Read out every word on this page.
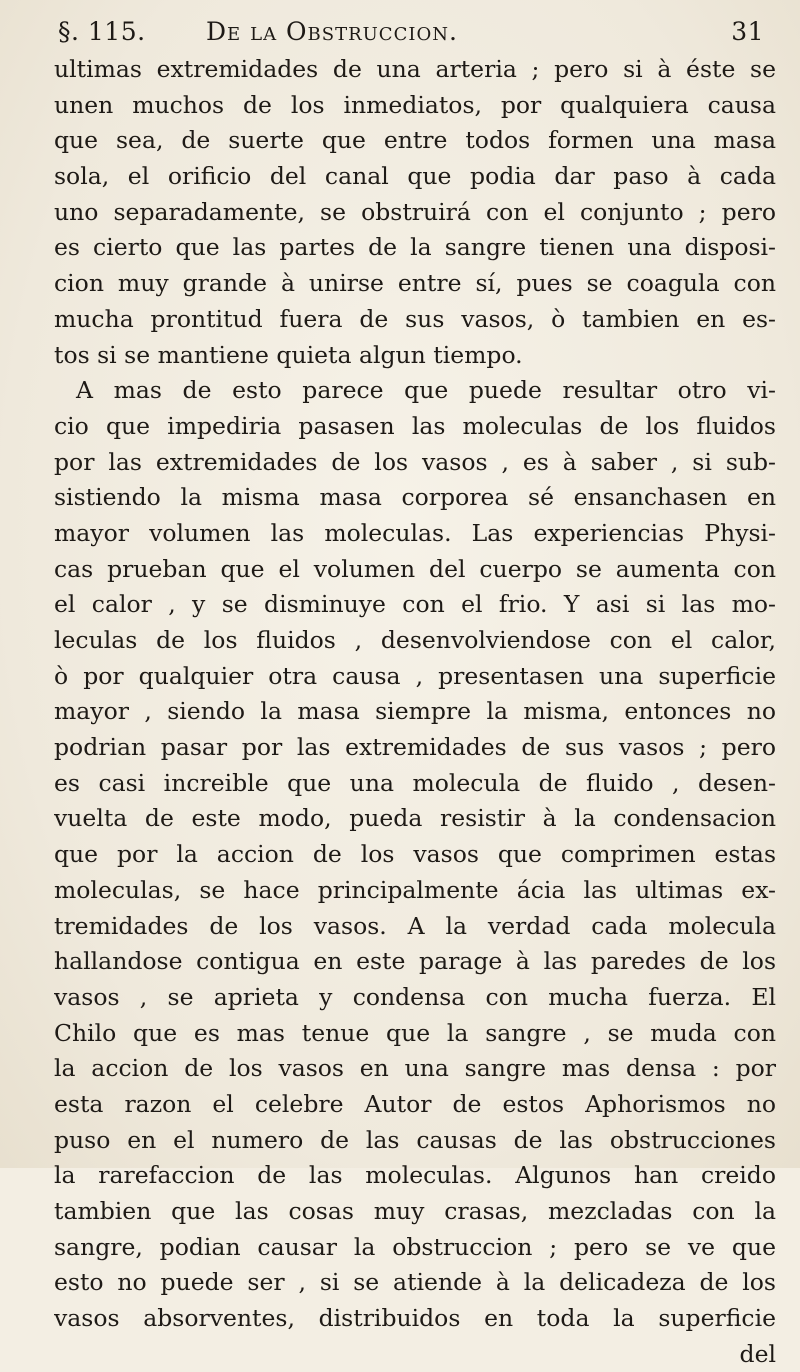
§. 115. De la Obstruccion.	31
ultimas extremidades de una arteria ; pero si à éste se
unen muchos de los inmediatos, por qualquiera causa
que sea, de suerte que entre todos formen una masa
sola, el orificio del canal que podia dar paso à cada
uno separadamente, se obstruirá con el conjunto ; pero
es cierto que las partes de la sangre tienen una disposi-
cion muy grande à unirse entre sí, pues se coagula con
mucha prontitud fuera de sus vasos, ò tambien en es-
tos si se mantiene quieta algun tiempo.
A mas de esto parece que puede resultar otro vi-
cio que impediria pasasen las moleculas de los fluidos
por las extremidades de los vasos , es à saber , si sub-
sistiendo la misma masa corporea sé ensanchasen en
mayor volumen las moleculas. Las experiencias Physi-
cas prueban que el volumen del cuerpo se aumenta con
el calor , y se disminuye con el frio. Y asi si las mo-
leculas de los fluidos , desenvolviendose con el calor,
ò por qualquier otra causa , presentasen una superficie
mayor , siendo la masa siempre la misma, entonces no
podrian pasar por las extremidades de sus vasos ; pero
es casi increible que una molecula de fluido , desen-
vuelta de este modo, pueda resistir à la condensacion
que por la accion de los vasos que comprimen estas
moleculas, se hace principalmente ácia las ultimas ex-
tremidades de los vasos. A la verdad cada molecula
hallandose contigua en este parage à las paredes de los
vasos , se aprieta y condensa con mucha fuerza. El
Chilo que es mas tenue que la sangre , se muda con
la accion de los vasos en una sangre mas densa : por
esta razon el celebre Autor de estos Aphorismos no
puso en el numero de las causas de las obstrucciones
la rarefaccion de las moleculas. Algunos han creido
tambien que las cosas muy crasas, mezcladas con la
sangre, podian causar la obstruccion ; pero se ve que
esto no puede ser , si se atiende à la delicadeza de los
vasos absorventes, distribuidos en toda la superficie
del
